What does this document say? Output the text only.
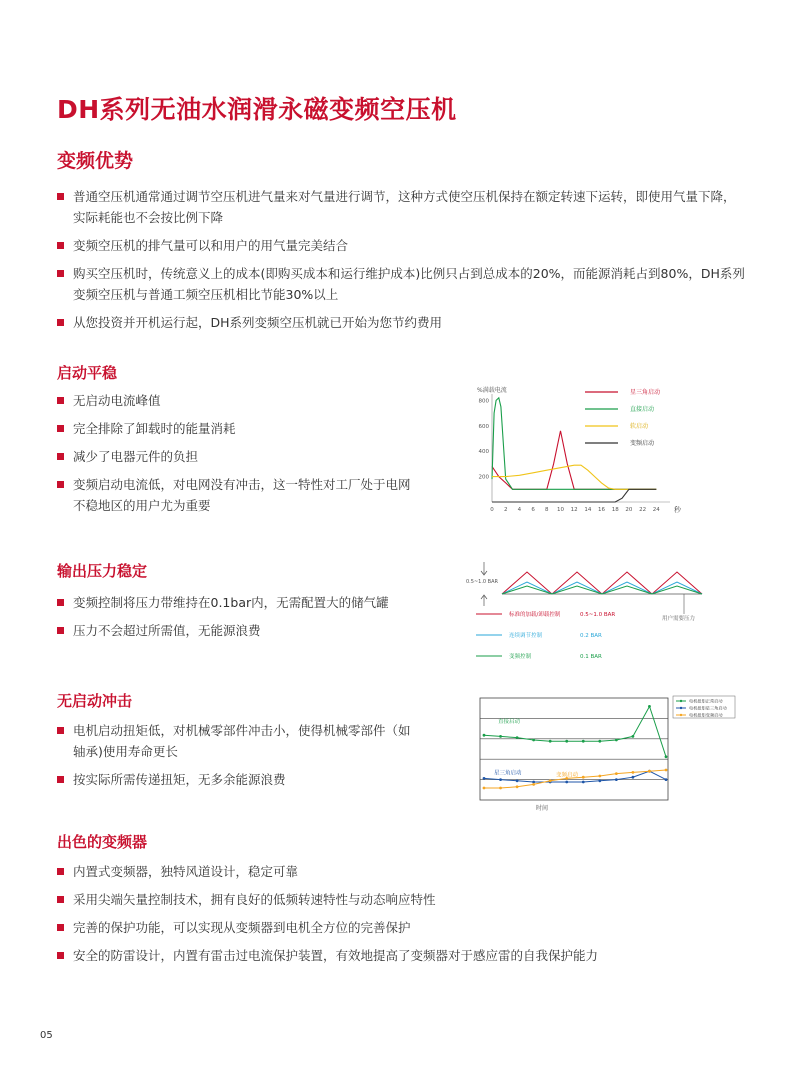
DH系列无油水润滑永磁变频空压机
变频优势
普通空压机通常通过调节空压机进气量来对气量进行调节，这种方式使空压机保持在额定转速下运转，即使用气量下降，实际耗能也不会按比例下降
变频空压机的排气量可以和用户的用气量完美结合
购买空压机时，传统意义上的成本(即购买成本和运行维护成本)比例只占到总成本的20%，而能源消耗占到80%，DH系列变频空压机与普通工频空压机相比节能30%以上
从您投资并开机运行起，DH系列变频空压机就已开始为您节约费用
启动平稳
无启动电流峰值
完全排除了卸载时的能量消耗
减少了电器元件的负担
变频启动电流低，对电网没有冲击，这一特性对工厂处于电网不稳地区的用户尤为重要
%满载电流
秒
0 2 4 6 8 10 12 14 16 18 20 22 24
200
400
600
800
星三角启动
直接启动
软启动
变频启动
输出压力稳定
变频控制将压力带维持在0.1bar内，无需配置大的储气罐
压力不会超过所需值，无能源浪费
0.5~1.0 BAR
用户需要压力
标准的加载/卸载控制	0.5~1.0 BAR
连续调节控制	0.2 BAR
变频控制	0.1 BAR
无启动冲击
电机启动扭矩低，对机械零部件冲击小，使得机械零部件（如轴承)使用寿命更长
按实际所需传递扭矩，无多余能源浪费
时间
直接启动
星三角启动	变频启动
电机扭矩正常启动
电机扭矩星三角启动
电机扭矩变频启动
出色的变频器
内置式变频器，独特风道设计，稳定可靠
采用尖端矢量控制技术，拥有良好的低频转速特性与动态响应特性
完善的保护功能，可以实现从变频器到电机全方位的完善保护
安全的防雷设计，内置有雷击过电流保护装置，有效地提高了变频器对于感应雷的自我保护能力
05
